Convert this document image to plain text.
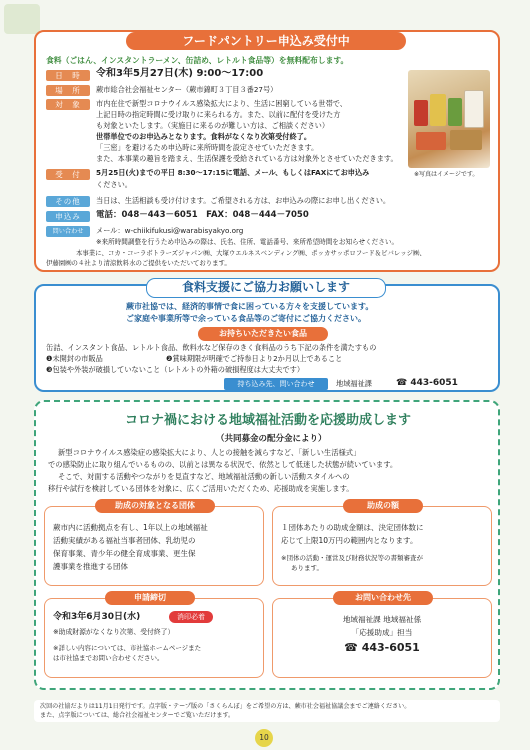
フードパントリー申込み受付中
食料（ごはん、インスタントラーメン、缶詰め、レトルト食品等）を無料配布します。
日　時	令和3年5月27日(木) 9:00～17:00
場　所	蕨市総合社会福祉センター（蕨市錦町３丁目３番27号）
対　象	市内在住で新型コロナウイルス感染拡大により、生活に困窮している世帯で、
上記日時の指定時間に受け取りに来られる方。また、以前に配付を受けた方
も対象といたします。（実施日に来るのが難しい方は、ご相談ください）
世帯単位でのお申込みとなります。食料がなくなり次第受付終了。
「三密」を避けるため申込時に来所時間を設定させていただきます。
また、本事業の趣旨を踏まえ、生活保護を受給されている方は対象外とさせていただきます。
受　付	5月25日(火)までの平日 8:30～17:15に電話、メール、もしくはFAXにてお申込み
ください。
その他	当日は、生活相談も受け付けます。ご希望される方は、お申込みの際にお申し出ください。
申込み	電話：048－443－6051　FAX：048－444－7050
問い合わせ	メール：w-chiikifukusi@warabisyakyo.org
※来所時間調整を行うため申込みの際は、氏名、住所、電話番号、来所希望時間をお知らせください。
本事業に、コカ・コーラボトラーズジャパン㈱、大塚ウエルネスベンディング㈱、ポッカサッポロフード＆ビバレッジ㈱、
伊藤園㈱の４社より清涼飲料水のご提供をいただいております。
※写真はイメージです。
食料支援にご協力お願いします
蕨市社協では、経済的事情で食に困っている方々を支援しています。
ご家庭や事業所等で余っている食品等のご寄付にご協力ください。
お持ちいただきたい食品
缶詰、インスタント食品、レトルト食品、飲料水など保存のきく食料品のうち下記の条件を満たすもの
❶未開封の市販品	❷賞味期限が明確でご持参日より2か月以上であること
❸包装や外装が破損していないこと（レトルトの外箱の破損程度は大丈夫です）
持ち込み先、問い合わせ	地域福祉課	☎ 443-6051
コロナ禍における地域福祉活動を応援助成します
（共同募金の配分金により）
新型コロナウイルス感染症の感染拡大により、人との接触を減らすなど、「新しい生活様式」
での感染防止に取り組んでいるものの、以前とは異なる状況で、依然として低迷した状態が続いています。
そこで、対面する活動やつながりを見直すなど、地域福祉活動の新しい活動スタイルへの
移行や試行を検討している団体を対象に、広くご活用いただくため、応援助成を実施します。
助成の対象となる団体
蕨市内に活動拠点を有し、1年以上の地域福祉
活動実績がある福祉当事者団体、乳幼児の
保育事業、青少年の健全育成事業、更生保
護事業を推進する団体
助成の額
１団体あたりの助成金額は、決定団体数に
応じて上限10万円の範囲内となります。
※団体の活動・運営及び財務状況等の書類審査が
あります。
申請締切
令和3年6月30日(水)	消印必着
※助成財源がなくなり次第、受付終了）
※詳しい内容については、市社協ホームページまた
は市社協までお問い合わせください。
お問い合わせ先
地域福祉課 地域福祉係
「応援助成」担当
☎ 443-6051
次回の社協だよりは11月1日発行です。点字版・テープ版の「さくらんぼ」をご希望の方は、蕨市社会福祉協議会までご連絡ください。
また、点字版については、総合社会福祉センターでご覧いただけます。
10
